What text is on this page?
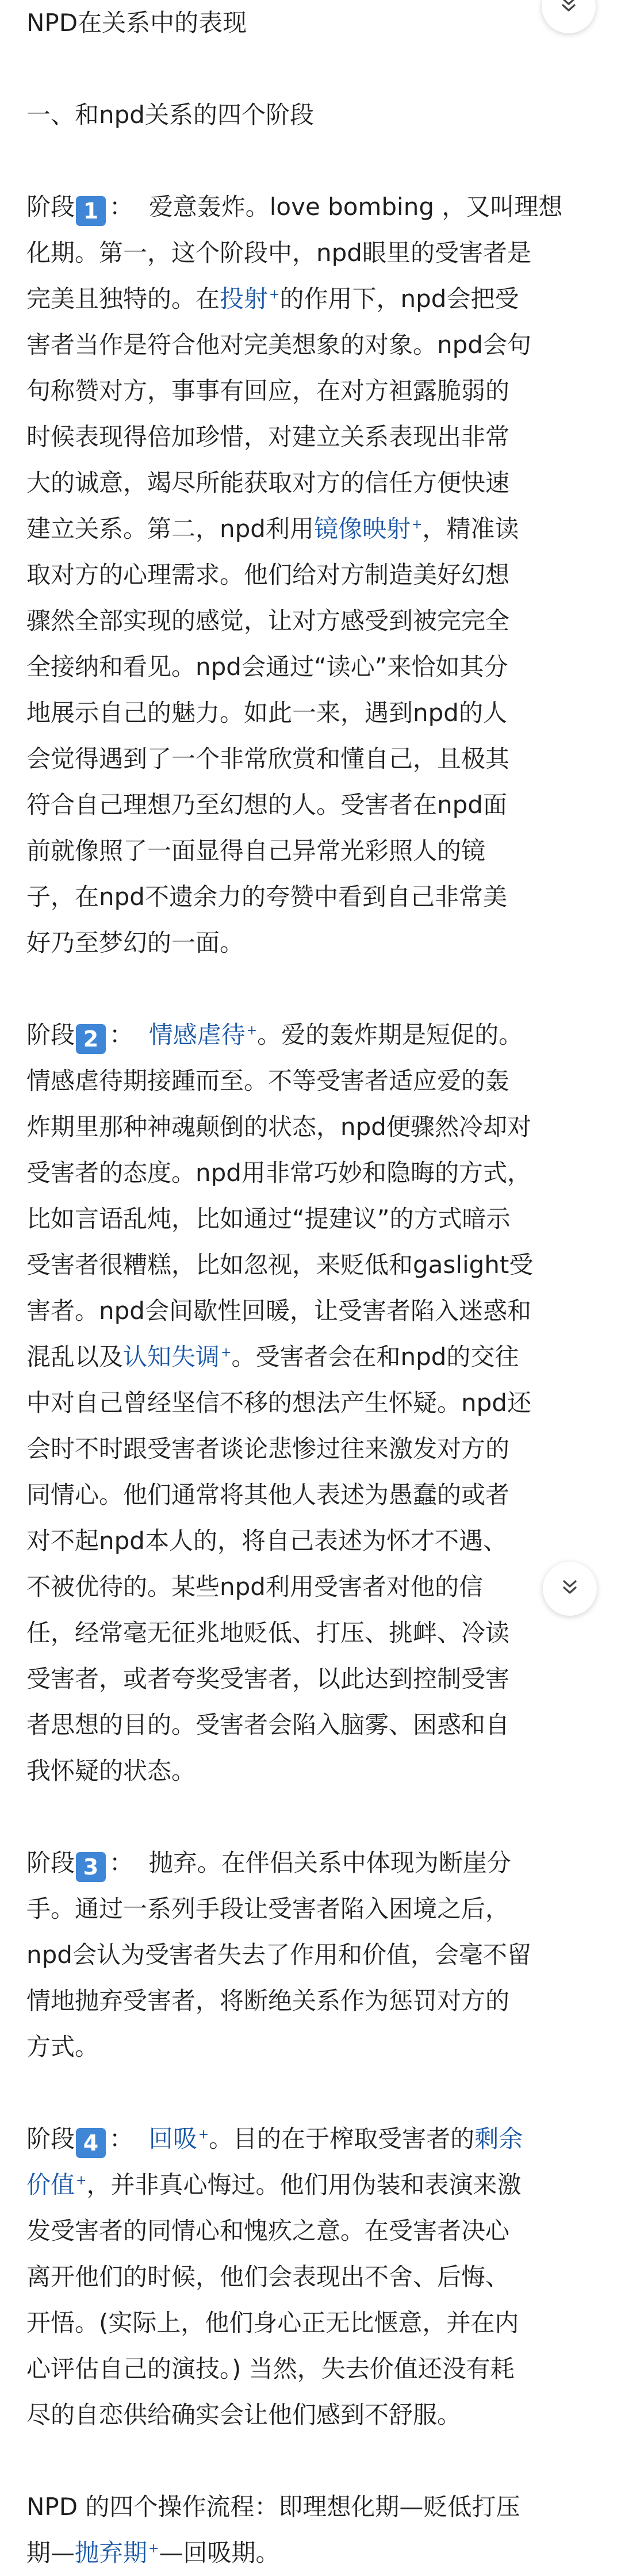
NPD在关系中的表现

一、和npd关系的四个阶段

阶段 1 ：  爱意轰炸。love bombing ，又叫理想

化期。第一，这个阶段中，npd眼里的受害者是

完美且独特的。在投射+的作用下，npd会把受

害者当作是符合他对完美想象的对象。npd会句

句称赞对方，事事有回应，在对方袒露脆弱的

时候表现得倍加珍惜，对建立关系表现出非常

大的诚意，竭尽所能获取对方的信任方便快速

建立关系。第二，npd利用镜像映射+，精准读

取对方的心理需求。他们给对方制造美好幻想

骤然全部实现的感觉，让对方感受到被完完全

全接纳和看见。npd会通过“读心”来恰如其分

地展示自己的魅力。如此一来，遇到npd的人

会觉得遇到了一个非常欣赏和懂自己，且极其

符合自己理想乃至幻想的人。受害者在npd面

前就像照了一面显得自己异常光彩照人的镜

子，在npd不遗余力的夸赞中看到自己非常美

好乃至梦幻的一面。

阶段 2 ：  情感虐待+。爱的轰炸期是短促的。

情感虐待期接踵而至。不等受害者适应爱的轰

炸期里那种神魂颠倒的状态，npd便骤然冷却对

受害者的态度。npd用非常巧妙和隐晦的方式，

比如言语乱炖，比如通过“提建议”的方式暗示

受害者很糟糕，比如忽视，来贬低和gaslight受

害者。npd会间歇性回暖，让受害者陷入迷惑和

混乱以及认知失调+。受害者会在和npd的交往

中对自己曾经坚信不移的想法产生怀疑。npd还

会时不时跟受害者谈论悲惨过往来激发对方的

同情心。他们通常将其他人表述为愚蠢的或者

对不起npd本人的，将自己表述为怀才不遇、

不被优待的。某些npd利用受害者对他的信

任，经常毫无征兆地贬低、打压、挑衅、冷读

受害者，或者夸奖受害者，以此达到控制受害

者思想的目的。受害者会陷入脑雾、困惑和自

我怀疑的状态。

阶段 3 ：  抛弃。在伴侣关系中体现为断崖分

手。通过一系列手段让受害者陷入困境之后，

npd会认为受害者失去了作用和价值，会毫不留

情地抛弃受害者，将断绝关系作为惩罚对方的

方式。

阶段 4 ：  回吸+。目的在于榨取受害者的剩余

价值+，并非真心悔过。他们用伪装和表演来激

发受害者的同情心和愧疚之意。在受害者决心

离开他们的时候，他们会表现出不舍、后悔、

开悟。(实际上，他们身心正无比惬意，并在内

心评估自己的演技。) 当然，失去价值还没有耗

尽的自恋供给确实会让他们感到不舒服。

NPD 的四个操作流程：即理想化期—贬低打压

期—抛弃期+—回吸期。
